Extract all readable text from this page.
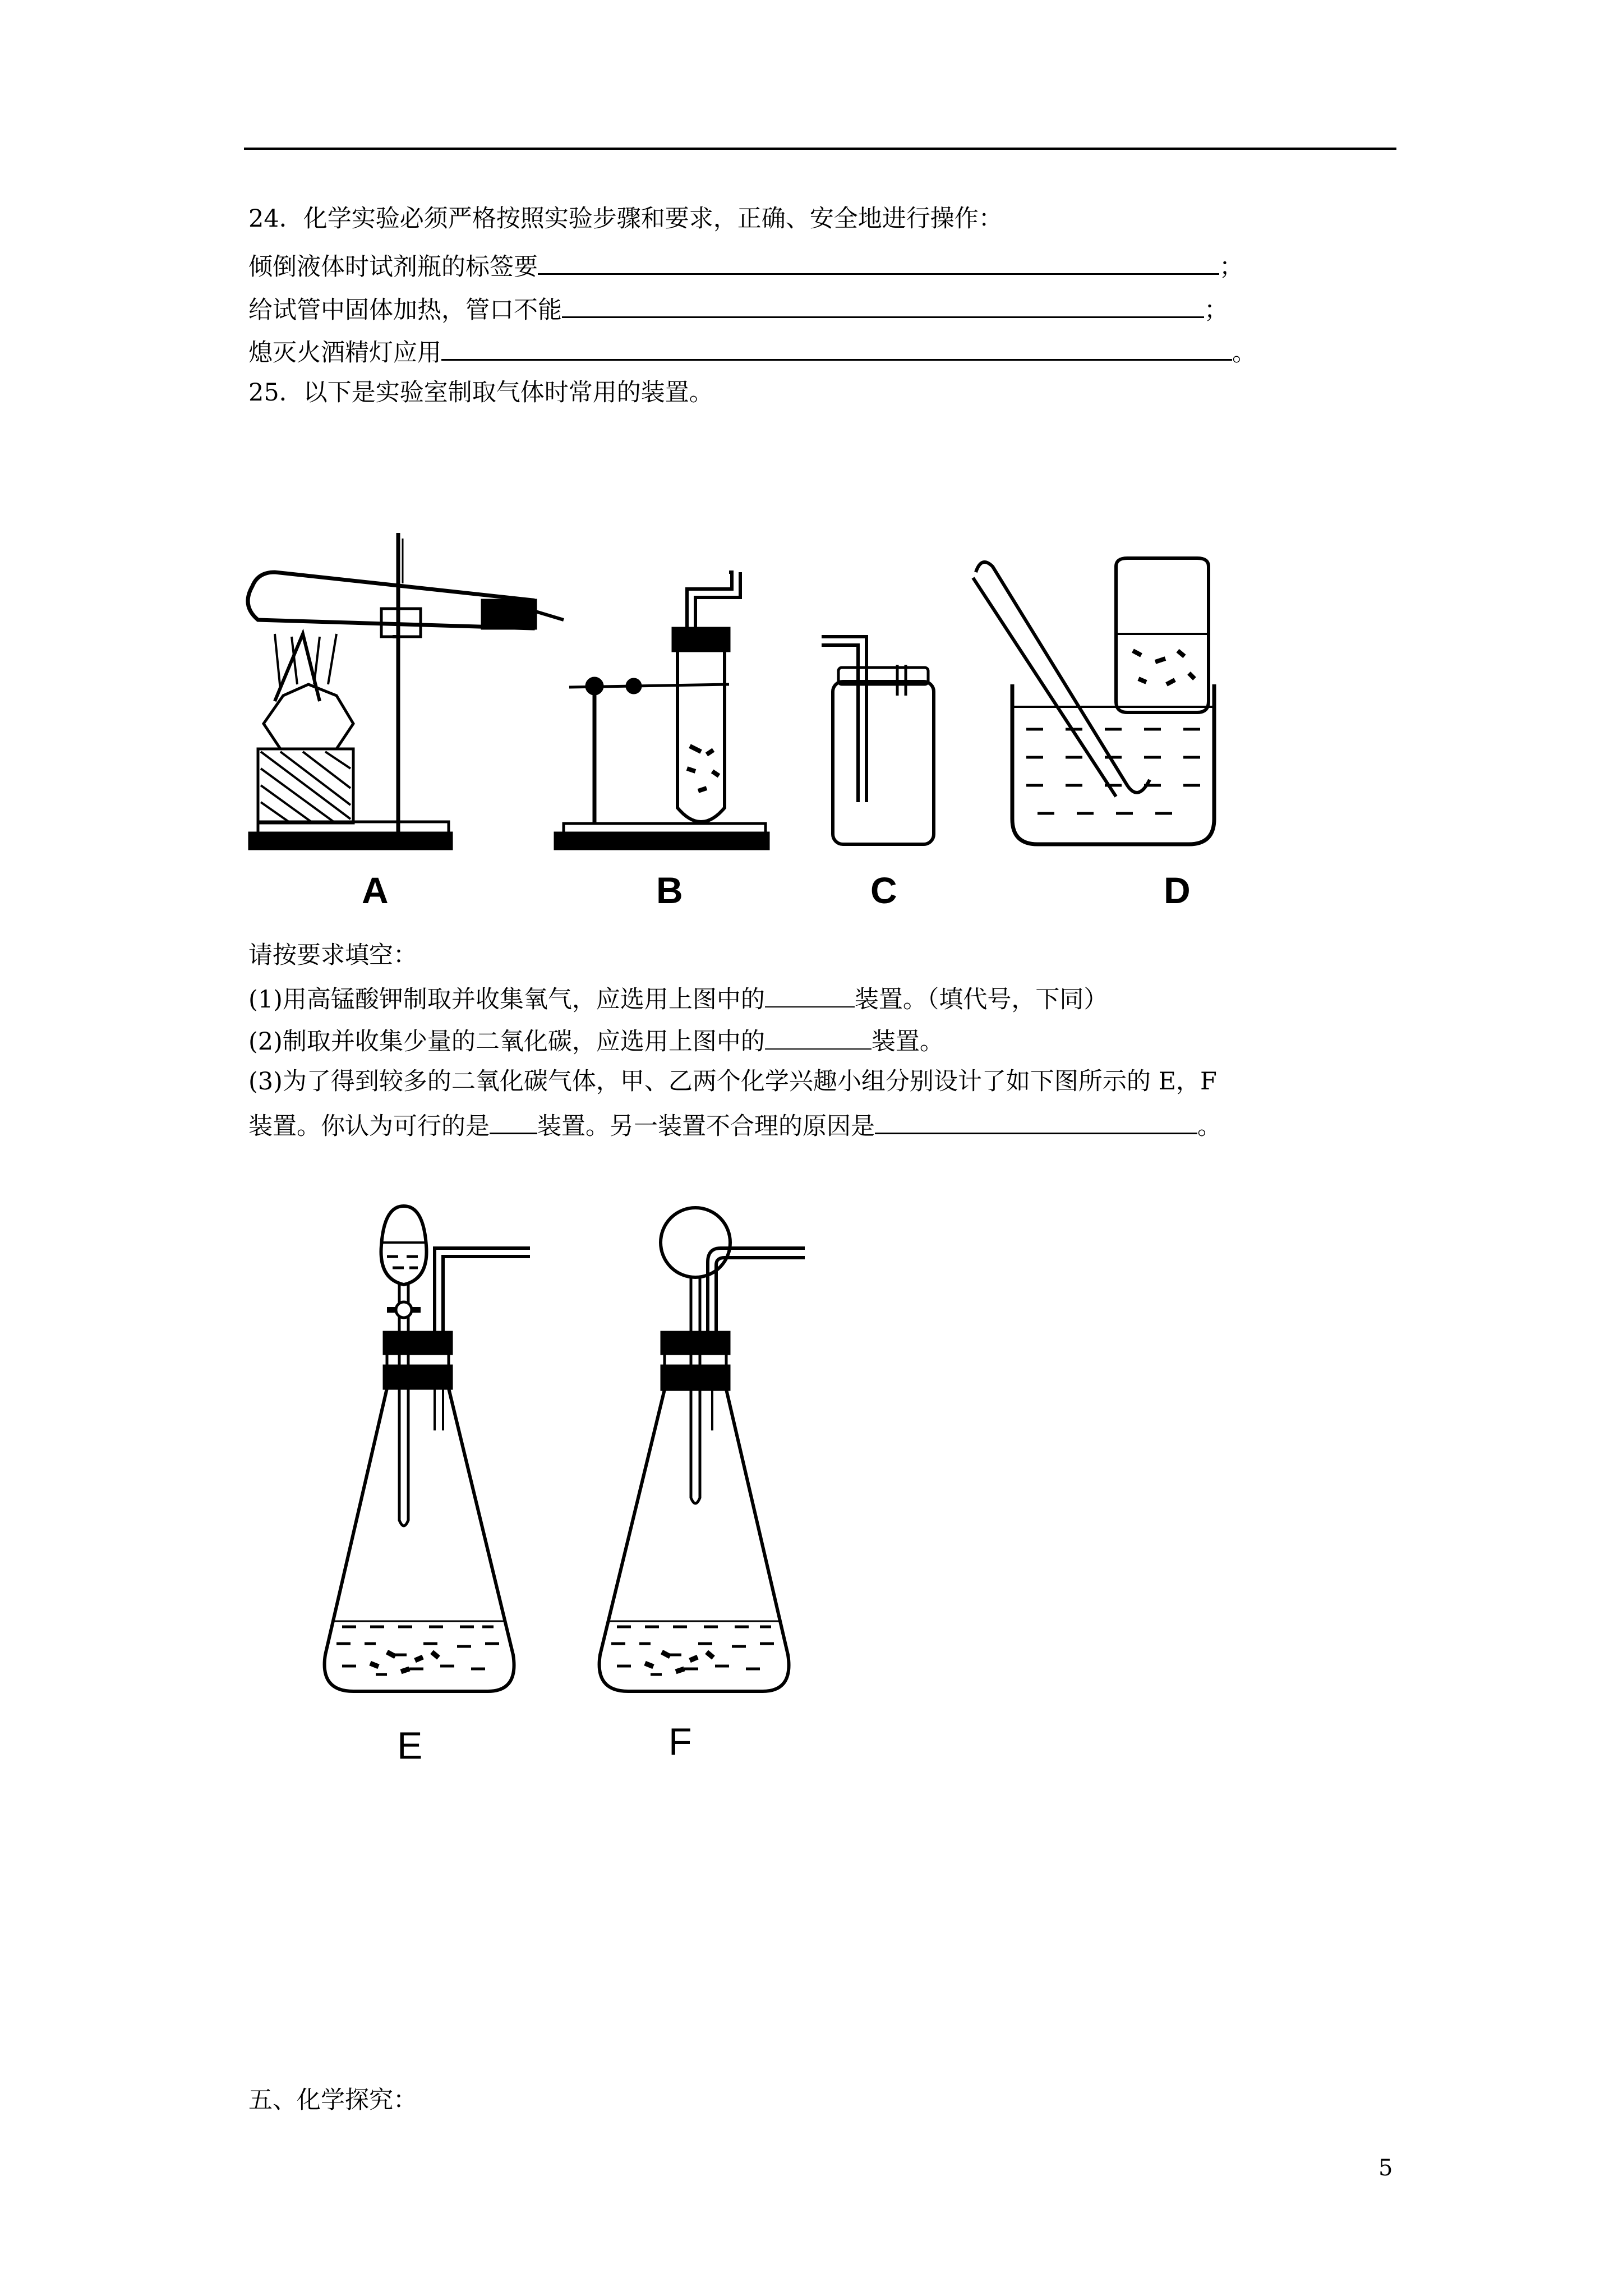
24．化学实验必须严格按照实验步骤和要求，正确、安全地进行操作：
倾倒液体时试剂瓶的标签要	；
给试管中固体加热，管口不能	；
熄灭火酒精灯应用	。
25．以下是实验室制取气体时常用的装置。
A	B	C	D
请按要求填空：
(1)用高锰酸钾制取并收集氧气，应选用上图中的	装置。（填代号，下同）
(2)制取并收集少量的二氧化碳，应选用上图中的	装置。
(3)为了得到较多的二氧化碳气体，甲、乙两个化学兴趣小组分别设计了如下图所示的 E，F
装置。你认为可行的是 装置。另一装置不合理的原因是	。
E	F
五、化学探究：
5
